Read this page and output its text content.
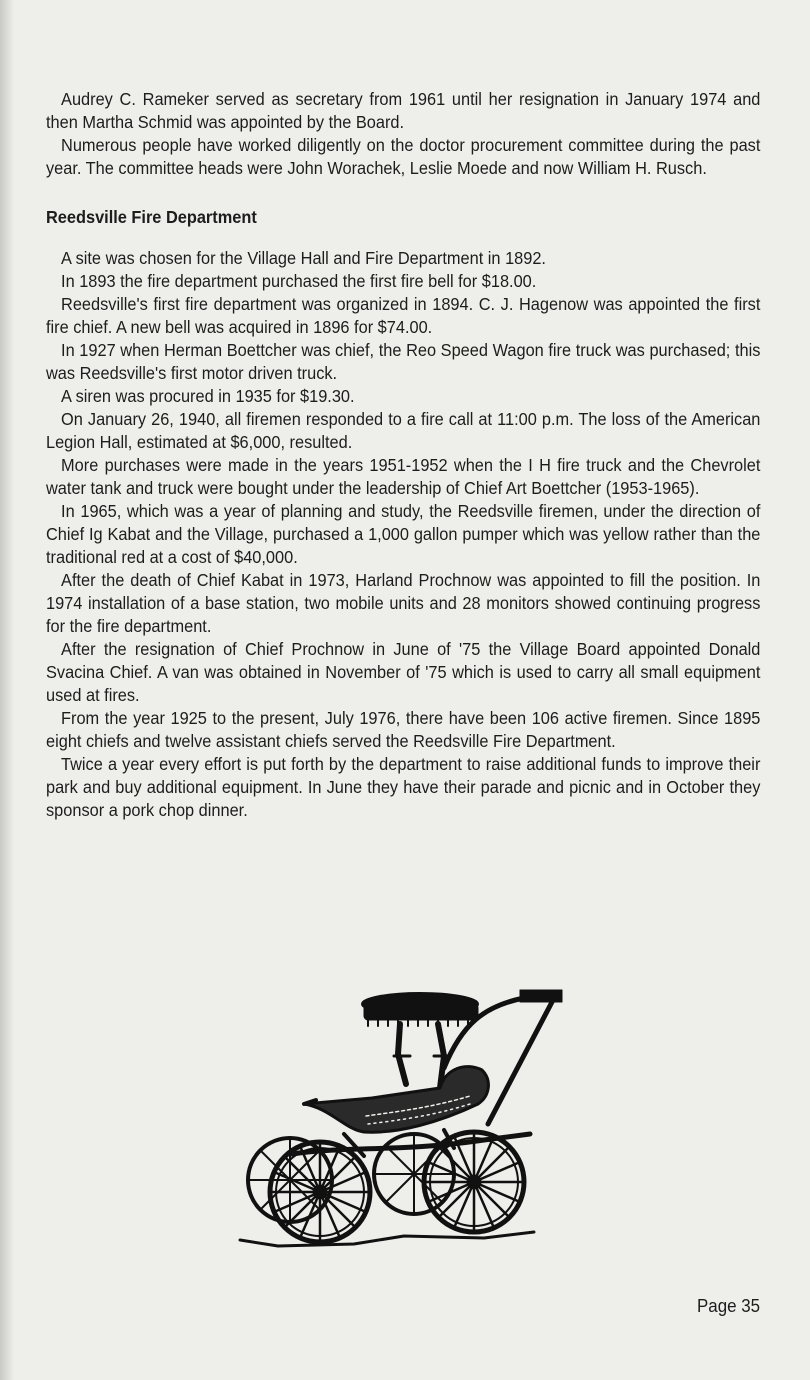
Audrey C. Rameker served as secretary from 1961 until her resignation in January 1974 and then Martha Schmid was appointed by the Board.

Numerous people have worked diligently on the doctor procurement committee during the past year. The committee heads were John Worachek, Leslie Moede and now William H. Rusch.

Reedsville Fire Department

A site was chosen for the Village Hall and Fire Department in 1892.

In 1893 the fire department purchased the first fire bell for $18.00.

Reedsville's first fire department was organized in 1894. C. J. Hagenow was appointed the first fire chief. A new bell was acquired in 1896 for $74.00.

In 1927 when Herman Boettcher was chief, the Reo Speed Wagon fire truck was purchased; this was Reedsville's first motor driven truck.

A siren was procured in 1935 for $19.30.

On January 26, 1940, all firemen responded to a fire call at 11:00 p.m. The loss of the American Legion Hall, estimated at $6,000, resulted.

More purchases were made in the years 1951-1952 when the I H fire truck and the Chevrolet water tank and truck were bought under the leadership of Chief Art Boettcher (1953-1965).

In 1965, which was a year of planning and study, the Reedsville firemen, under the direction of Chief Ig Kabat and the Village, purchased a 1,000 gallon pumper which was yellow rather than the traditional red at a cost of $40,000.

After the death of Chief Kabat in 1973, Harland Prochnow was appointed to fill the position. In 1974 installation of a base station, two mobile units and 28 monitors showed continuing progress for the fire department.

After the resignation of Chief Prochnow in June of '75 the Village Board appointed Donald Svacina Chief. A van was obtained in November of '75 which is used to carry all small equipment used at fires.

From the year 1925 to the present, July 1976, there have been 106 active firemen. Since 1895 eight chiefs and twelve assistant chiefs served the Reedsville Fire Department.

Twice a year every effort is put forth by the department to raise additional funds to improve their park and buy additional equipment. In June they have their parade and picnic and in October they sponsor a pork chop dinner.

Page 35
